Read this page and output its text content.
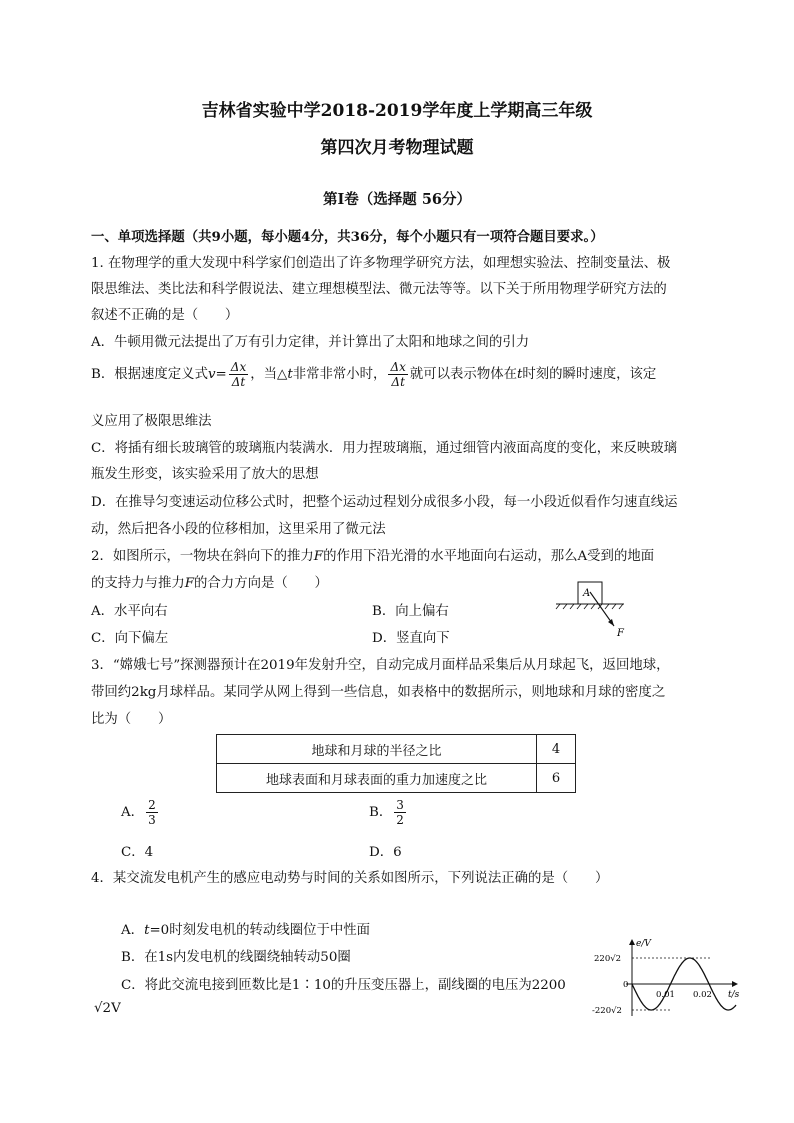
吉林省实验中学2018-2019学年度上学期高三年级
第四次月考物理试题
第Ⅰ卷（选择题 56分）
一、单项选择题（共9小题，每小题4分，共36分，每个小题只有一项符合题目要求。）
1. 在物理学的重大发现中科学家们创造出了许多物理学研究方法，如理想实验法、控制变量法、极
限思维法、类比法和科学假说法、建立理想模型法、微元法等等。以下关于所用物理学研究方法的
叙述不正确的是（　　）
A．牛顿用微元法提出了万有引力定律，并计算出了太阳和地球之间的引力
B．根据速度定义式$v= \frac{\Delta x}{\Delta t}$ ，当△t非常非常小时， $\frac{\Delta x}{\Delta t}$ 就可以表示物体在t时刻的瞬时速度，该定
义应用了极限思维法
C．将插有细长玻璃管的玻璃瓶内装满水．用力捏玻璃瓶，通过细管内液面高度的变化，来反映玻璃
瓶发生形变，该实验采用了放大的思想
D．在推导匀变速运动位移公式时，把整个运动过程划分成很多小段，每一小段近似看作匀速直线运
动，然后把各小段的位移相加，这里采用了微元法
2．如图所示，一物块在斜向下的推力F的作用下沿光滑的水平地面向右运动，那么A受到的地面
的支持力与推力F的合力方向是（　　）
A．水平向右	B．向上偏右
C．向下偏左	D．竖直向下
A
F
3．“嫦娥七号”探测器预计在2019年发射升空，自动完成月面样品采集后从月球起飞，返回地球，
带回约2kg月球样品。某同学从网上得到一些信息，如表格中的数据所示，则地球和月球的密度之
比为（　　）
地球和月球的半径之比	4
地球表面和月球表面的重力加速度之比	6
A． $\frac{2}{3}$	B． $\frac{3}{2}$
C．4	D．6
4．某交流发电机产生的感应电动势与时间的关系如图所示，下列说法正确的是（　　）
A．t=0时刻发电机的转动线圈位于中性面
B．在1s内发电机的线圈绕轴转动50圈
C．将此交流电接到匝数比是1∶10的升压变压器上，副线圈的电压为2200
√2V
e/V
t/s
220√2
-220√2
0
0.01 0.02
